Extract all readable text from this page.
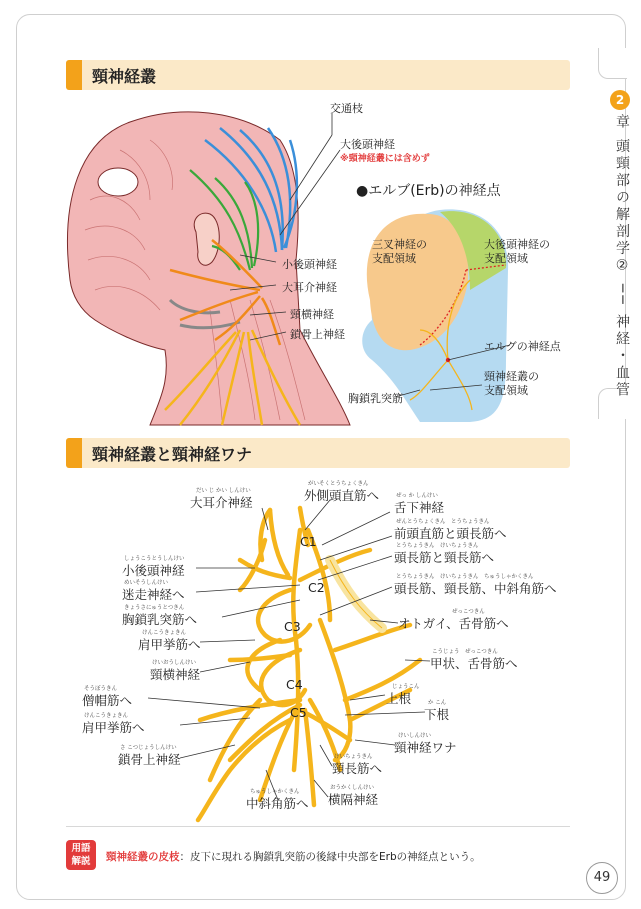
頸神経叢
頸神経叢と頸神経ワナ
2
章 頭頸部の解剖学② ── 神経・血管
交通枝
大後頭神経
※頸神経叢には含めず
小後頭神経
大耳介神経
頸横神経
鎖骨上神経
●エルブ(Erb)の神経点
三叉神経の
支配領域
大後頭神経の
支配領域
エルグの神経点
頸神経叢の
支配領域
胸鎖乳突筋
だい じ かい しんけい
大耳介神経
がいそくとうちょくきん
外側頭直筋へ	ぜっ か しんけい
舌下神経
ぜんとうちょくきん　とうちょうきん
前頭直筋と頭長筋へ
とうちょうきん　けいちょうきん
頭長筋と頸長筋へ
とうちょうきん　けいちょうきん　ちゅうしゃかくきん
頭長筋、頸長筋、中斜角筋へ
ぜっこつきん
オトガイ、舌骨筋へ
こうじょう　ぜっこつきん
甲状、舌骨筋へ
じょうこん
上根	か こん
下根
けいしんけい
頸神経ワナ
けいちょうきん
頸長筋へ
おうかくしんけい
横隔神経
ちゅうしゃかくきん
中斜角筋へ
さ こつじょうしんけい
鎖骨上神経
けんこうきょきん
肩甲挙筋へ
そうぼうきん
僧帽筋へ
けいおうしんけい
頸横神経
けんこうきょきん
肩甲挙筋へ
きょうさにゅうとつきん
胸鎖乳突筋へ
めいそうしんけい
迷走神経へ
しょうこうとうしんけい
小後頭神経
C1
C2
C3
C4
C5
用語
解説	頸神経叢の皮枝：皮下に現れる胸鎖乳突筋の後縁中央部をErbの神経点という。
49
